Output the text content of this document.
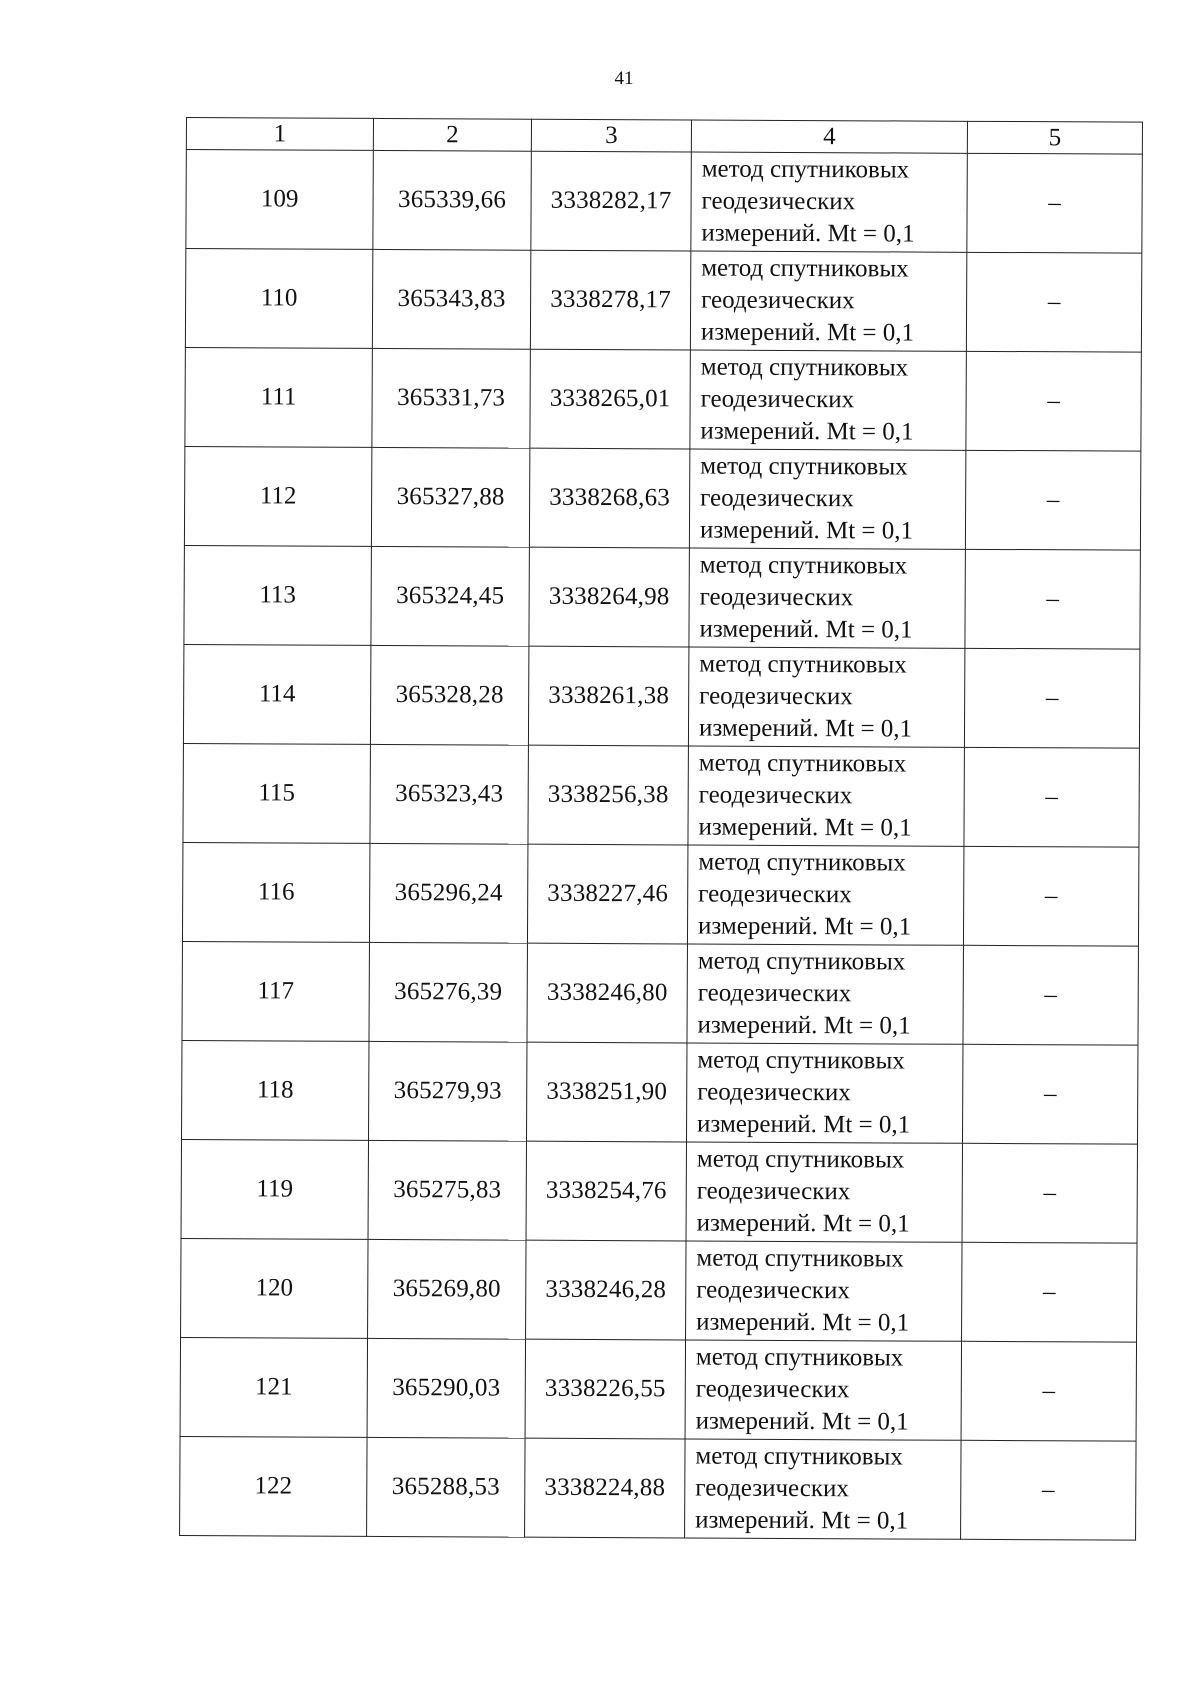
41
1	2	3	4	5
109	365339,66	3338282,17	метод спутниковых
геодезических
измерений. Mt = 0,1	–
110	365343,83	3338278,17	метод спутниковых
геодезических
измерений. Mt = 0,1	–
111	365331,73	3338265,01	метод спутниковых
геодезических
измерений. Mt = 0,1	–
112	365327,88	3338268,63	метод спутниковых
геодезических
измерений. Mt = 0,1	–
113	365324,45	3338264,98	метод спутниковых
геодезических
измерений. Mt = 0,1	–
114	365328,28	3338261,38	метод спутниковых
геодезических
измерений. Mt = 0,1	–
115	365323,43	3338256,38	метод спутниковых
геодезических
измерений. Mt = 0,1	–
116	365296,24	3338227,46	метод спутниковых
геодезических
измерений. Mt = 0,1	–
117	365276,39	3338246,80	метод спутниковых
геодезических
измерений. Mt = 0,1	–
118	365279,93	3338251,90	метод спутниковых
геодезических
измерений. Mt = 0,1	–
119	365275,83	3338254,76	метод спутниковых
геодезических
измерений. Mt = 0,1	–
120	365269,80	3338246,28	метод спутниковых
геодезических
измерений. Mt = 0,1	–
121	365290,03	3338226,55	метод спутниковых
геодезических
измерений. Mt = 0,1	–
122	365288,53	3338224,88	метод спутниковых
геодезических
измерений. Mt = 0,1	–
